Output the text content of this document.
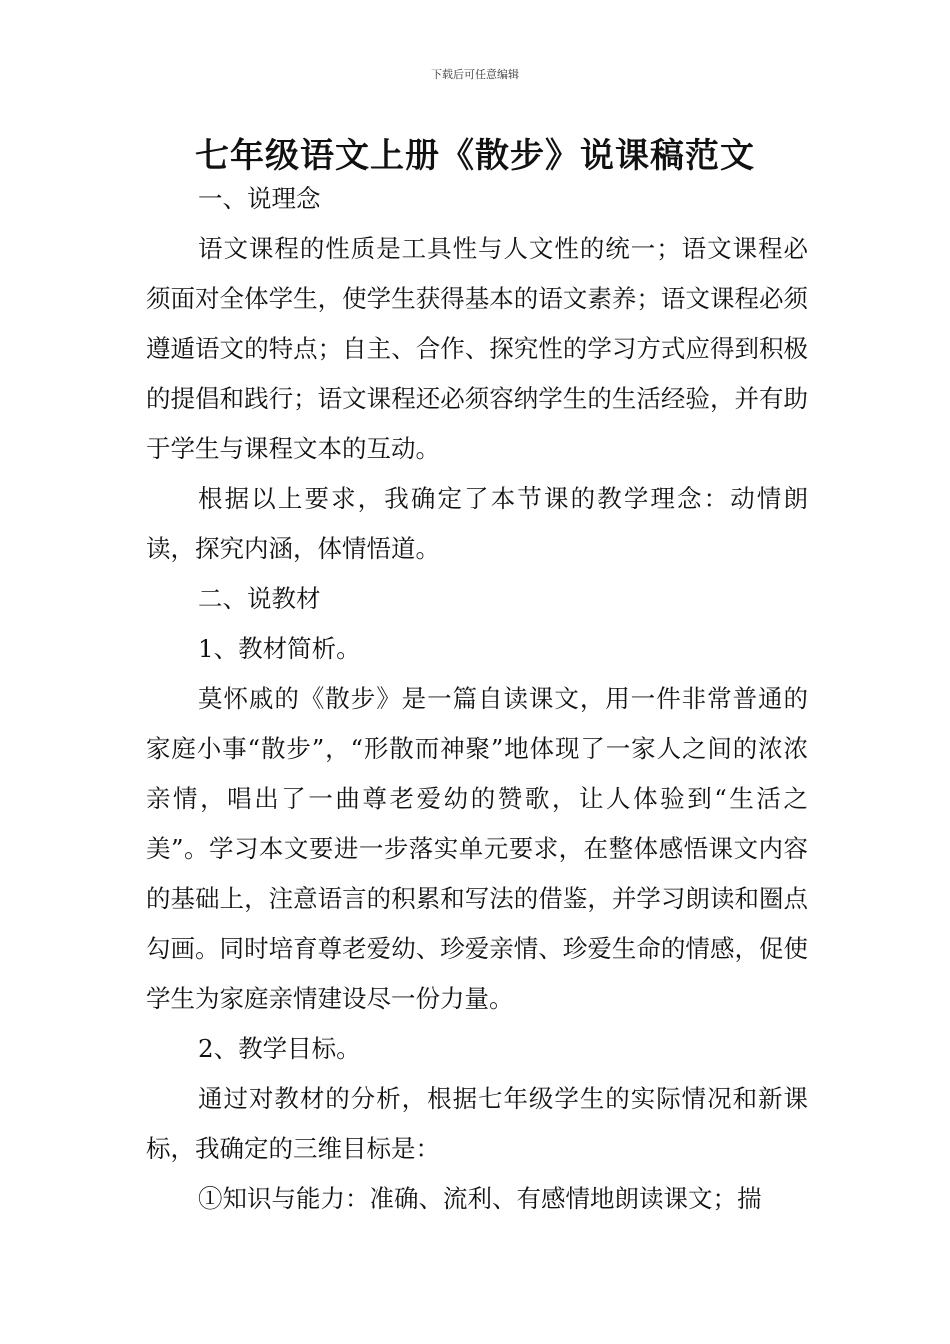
下载后可任意编辑
七年级语文上册《散步》说课稿范文

一、说理念

语文课程的性质是工具性与人文性的统一；语文课程必须面对全体学生，使学生获得基本的语文素养；语文课程必须遵遁语文的特点；自主、合作、探究性的学习方式应得到积极的提倡和践行；语文课程还必须容纳学生的生活经验，并有助于学生与课程文本的互动。

根据以上要求，我确定了本节课的教学理念：动情朗读，探究内涵，体情悟道。

二、说教材

1、教材简析。

莫怀戚的《散步》是一篇自读课文，用一件非常普通的家庭小事“散步”，“形散而神聚”地体现了一家人之间的浓浓亲情，唱出了一曲尊老爱幼的赞歌，让人体验到“生活之美”。学习本文要进一步落实单元要求，在整体感悟课文内容的基础上，注意语言的积累和写法的借鉴，并学习朗读和圈点勾画。同时培育尊老爱幼、珍爱亲情、珍爱生命的情感，促使学生为家庭亲情建设尽一份力量。

2、教学目标。

通过对教材的分析，根据七年级学生的实际情况和新课标，我确定的三维目标是：

①知识与能力：准确、流利、有感情地朗读课文；揣
